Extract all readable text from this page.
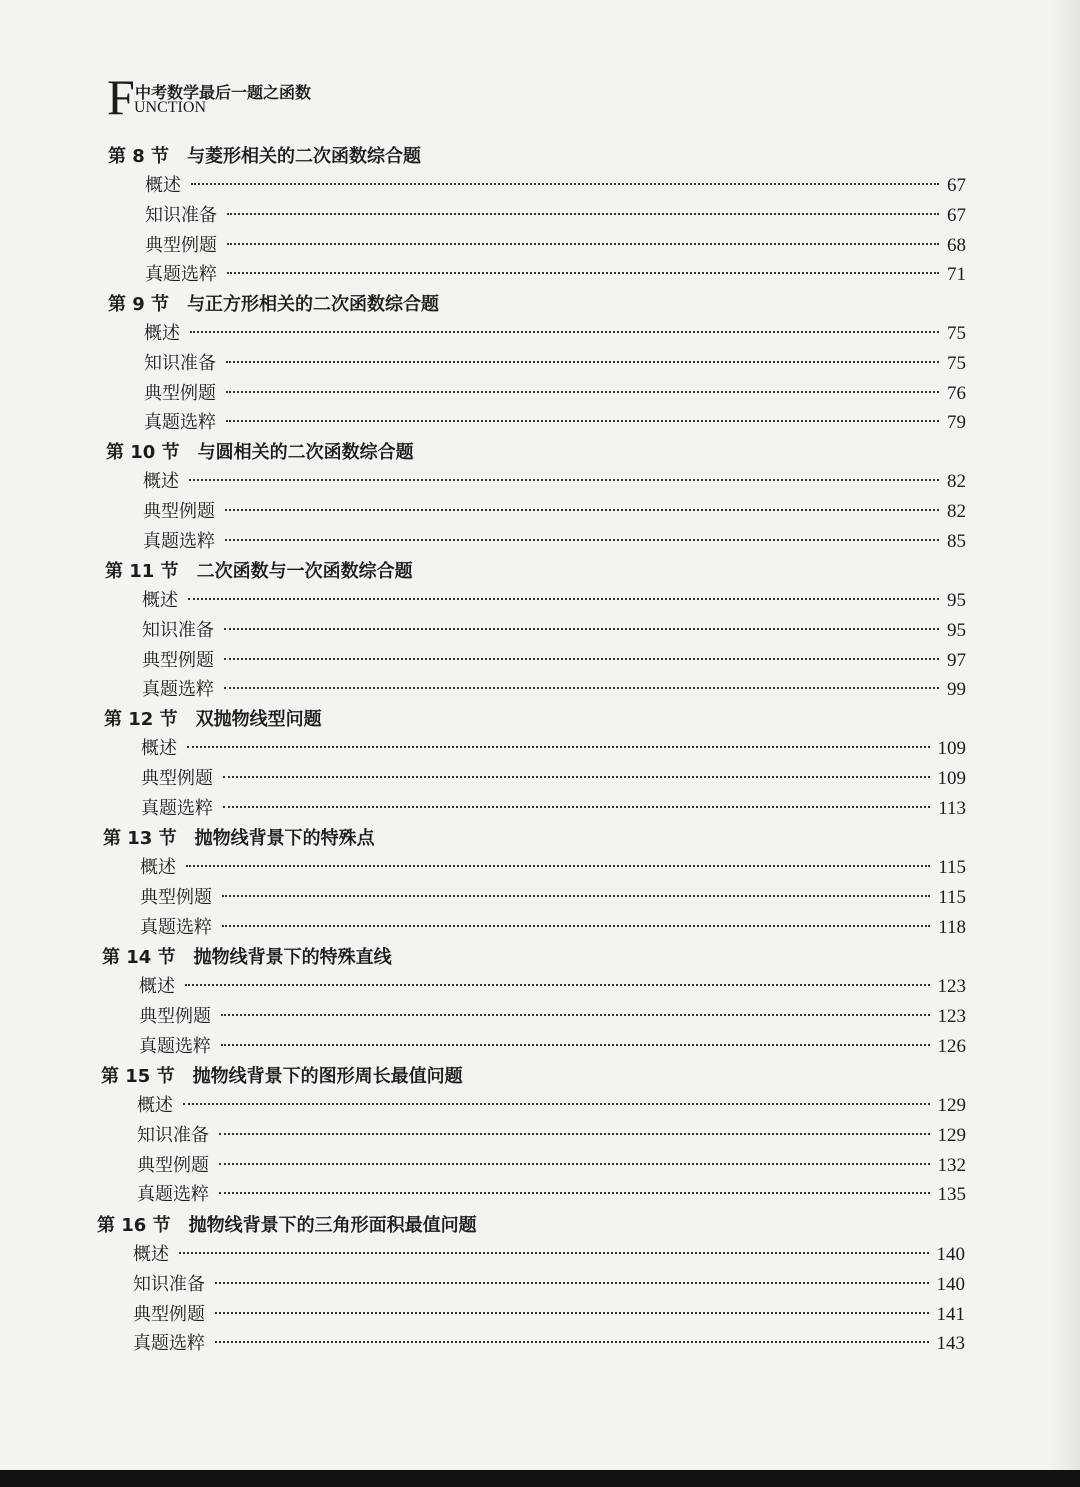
F 中考数学最后一题之函数
UNCTION
第 8 节 与菱形相关的二次函数综合题
概述	67
知识准备	67
典型例题	68
真题选粹	71
第 9 节 与正方形相关的二次函数综合题
概述	75
知识准备	75
典型例题	76
真题选粹	79
第 10 节 与圆相关的二次函数综合题
概述	82
典型例题	82
真题选粹	85
第 11 节 二次函数与一次函数综合题
概述	95
知识准备	95
典型例题	97
真题选粹	99
第 12 节 双抛物线型问题
概述	109
典型例题	109
真题选粹	113
第 13 节 抛物线背景下的特殊点
概述	115
典型例题	115
真题选粹	118
第 14 节 抛物线背景下的特殊直线
概述	123
典型例题	123
真题选粹	126
第 15 节 抛物线背景下的图形周长最值问题
概述	129
知识准备	129
典型例题	132
真题选粹	135
第 16 节 抛物线背景下的三角形面积最值问题
概述	140
知识准备	140
典型例题	141
真题选粹	143
